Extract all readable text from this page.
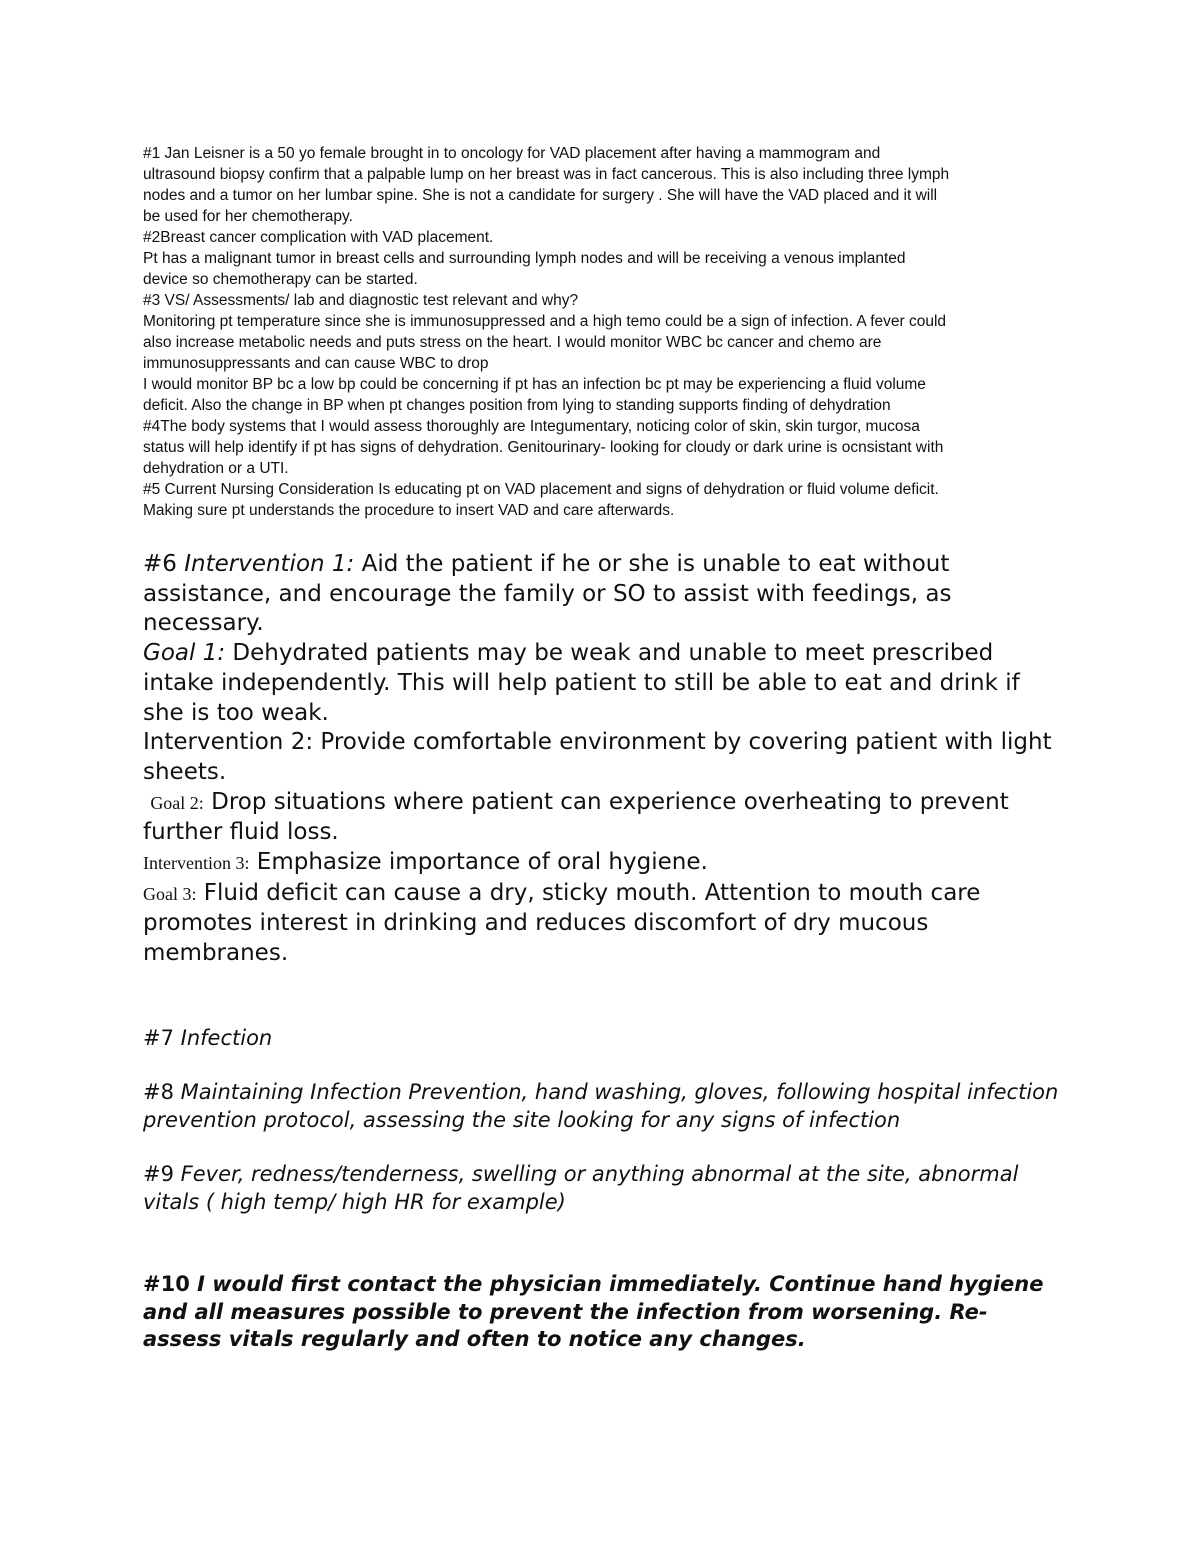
#1 Jan Leisner is a 50 yo female brought in to oncology for VAD placement after having a mammogram and

ultrasound biopsy confirm that a palpable lump on her breast was in fact cancerous. This is also including three lymph

nodes and a tumor on her lumbar spine. She is not a candidate for surgery . She will have the VAD placed and it will

be used for her chemotherapy.

#2Breast cancer complication with VAD placement.

Pt has a malignant tumor in breast cells and surrounding lymph nodes and will be receiving a venous implanted

device so chemotherapy can be started.

#3 VS/ Assessments/ lab and diagnostic test relevant and why?

Monitoring pt temperature since she is immunosuppressed and a high temo could be a sign of infection. A fever could

also increase metabolic needs and puts stress on the heart. I would monitor WBC bc cancer and chemo are

immunosuppressants and can cause WBC to drop

I would monitor BP bc a low bp could be concerning if pt has an infection bc pt may be experiencing a fluid volume

deficit. Also the change in BP when pt changes position from lying to standing supports finding of dehydration

#4The body systems that I would assess thoroughly are Integumentary, noticing color of skin, skin turgor, mucosa

status will help identify if pt has signs of dehydration. Genitourinary- looking for cloudy or dark urine is ocnsistant with

dehydration or a UTI.

#5 Current Nursing Consideration Is educating pt on VAD placement and signs of dehydration or fluid volume deficit.

Making sure pt understands the procedure to insert VAD and care afterwards.

#6 Intervention 1: Aid the patient if he or she is unable to eat without assistance, and encourage the family or SO to assist with feedings, as necessary.

Goal 1: Dehydrated patients may be weak and unable to meet prescribed intake independently. This will help patient to still be able to eat and drink if she is too weak.

Intervention 2: Provide comfortable environment by covering patient with light sheets.

Goal 2: Drop situations where patient can experience overheating to prevent further fluid loss.

Intervention 3: Emphasize importance of oral hygiene.

Goal 3: Fluid deficit can cause a dry, sticky mouth. Attention to mouth care promotes interest in drinking and reduces discomfort of dry mucous membranes.

#7 Infection

#8 Maintaining Infection Prevention, hand washing, gloves, following hospital infection prevention protocol, assessing the site looking for any signs of infection

#9 Fever, redness/tenderness, swelling or anything abnormal at the site, abnormal vitals ( high temp/ high HR for example)

#10 I would first contact the physician immediately. Continue hand hygiene and all measures possible to prevent the infection from worsening. Re-assess vitals regularly and often to notice any changes.
